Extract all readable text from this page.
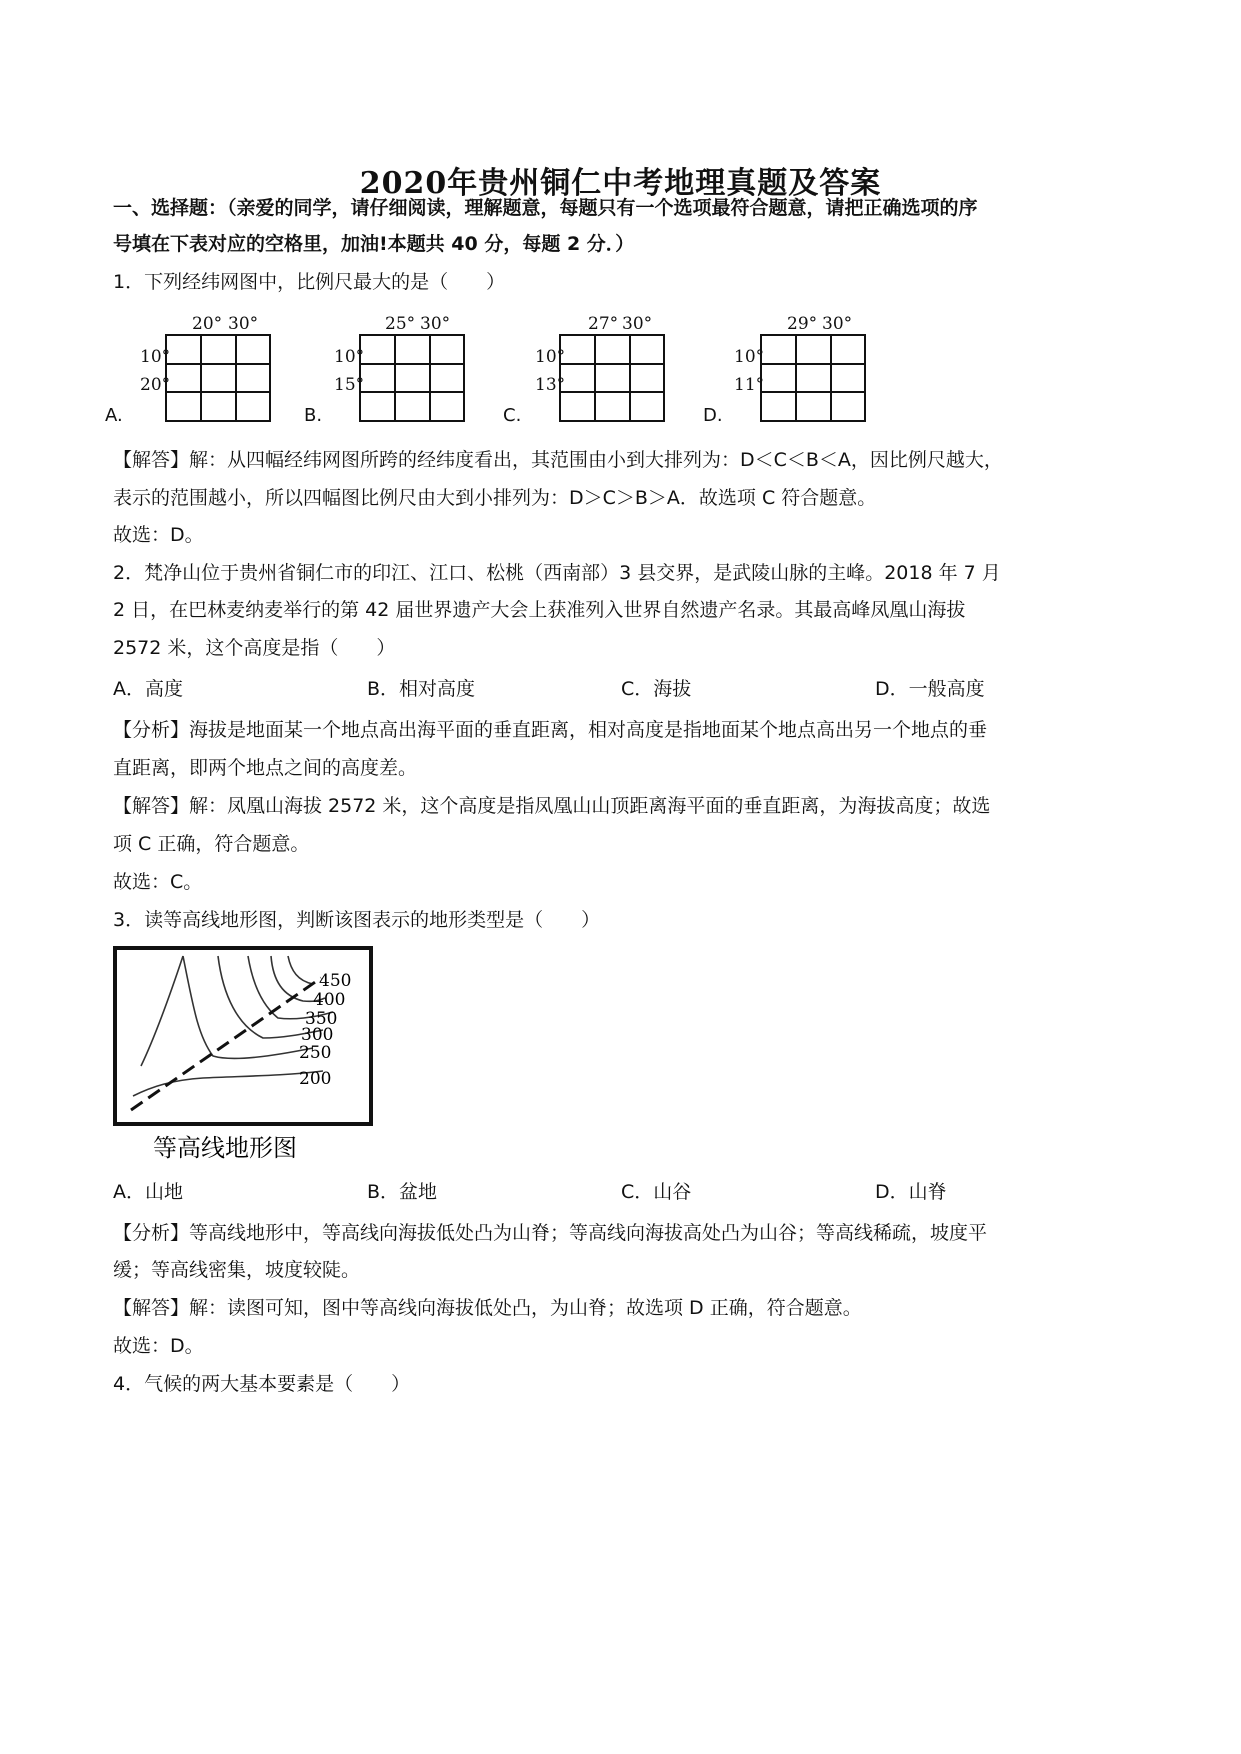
2020年贵州铜仁中考地理真题及答案
一、选择题：（亲爱的同学，请仔细阅读，理解题意，每题只有一个选项最符合题意，请把正确选项的序
号填在下表对应的空格里，加油!本题共 40 分，每题 2 分．）
1．下列经纬网图中，比例尺最大的是（　　）
20° 30°
10°
20°
A.
25° 30°
10°
15°
B.
27° 30°
10°
13°
C.
29° 30°
10°
11°
D.
【解答】解：从四幅经纬网图所跨的经纬度看出，其范围由小到大排列为：D＜C＜B＜A，因比例尺越大，
表示的范围越小，所以四幅图比例尺由大到小排列为：D＞C＞B＞A．故选项 C 符合题意。
故选：D。
2．梵净山位于贵州省铜仁市的印江、江口、松桃（西南部）3 县交界，是武陵山脉的主峰。2018 年 7 月
2 日，在巴林麦纳麦举行的第 42 届世界遗产大会上获准列入世界自然遗产名录。其最高峰凤凰山海拔
2572 米，这个高度是指（　　）
A．高度	B．相对高度	C．海拔	D．一般高度
【分析】海拔是地面某一个地点高出海平面的垂直距离，相对高度是指地面某个地点高出另一个地点的垂
直距离，即两个地点之间的高度差。
【解答】解：凤凰山海拔 2572 米，这个高度是指凤凰山山顶距离海平面的垂直距离，为海拔高度；故选
项 C 正确，符合题意。
故选：C。
3．读等高线地形图，判断该图表示的地形类型是（　　）
450
400
350
300
250
200
等高线地形图
A．山地	B．盆地	C．山谷	D．山脊
【分析】等高线地形中，等高线向海拔低处凸为山脊；等高线向海拔高处凸为山谷；等高线稀疏，坡度平
缓；等高线密集，坡度较陡。
【解答】解：读图可知，图中等高线向海拔低处凸，为山脊；故选项 D 正确，符合题意。
故选：D。
4．气候的两大基本要素是（　　）
